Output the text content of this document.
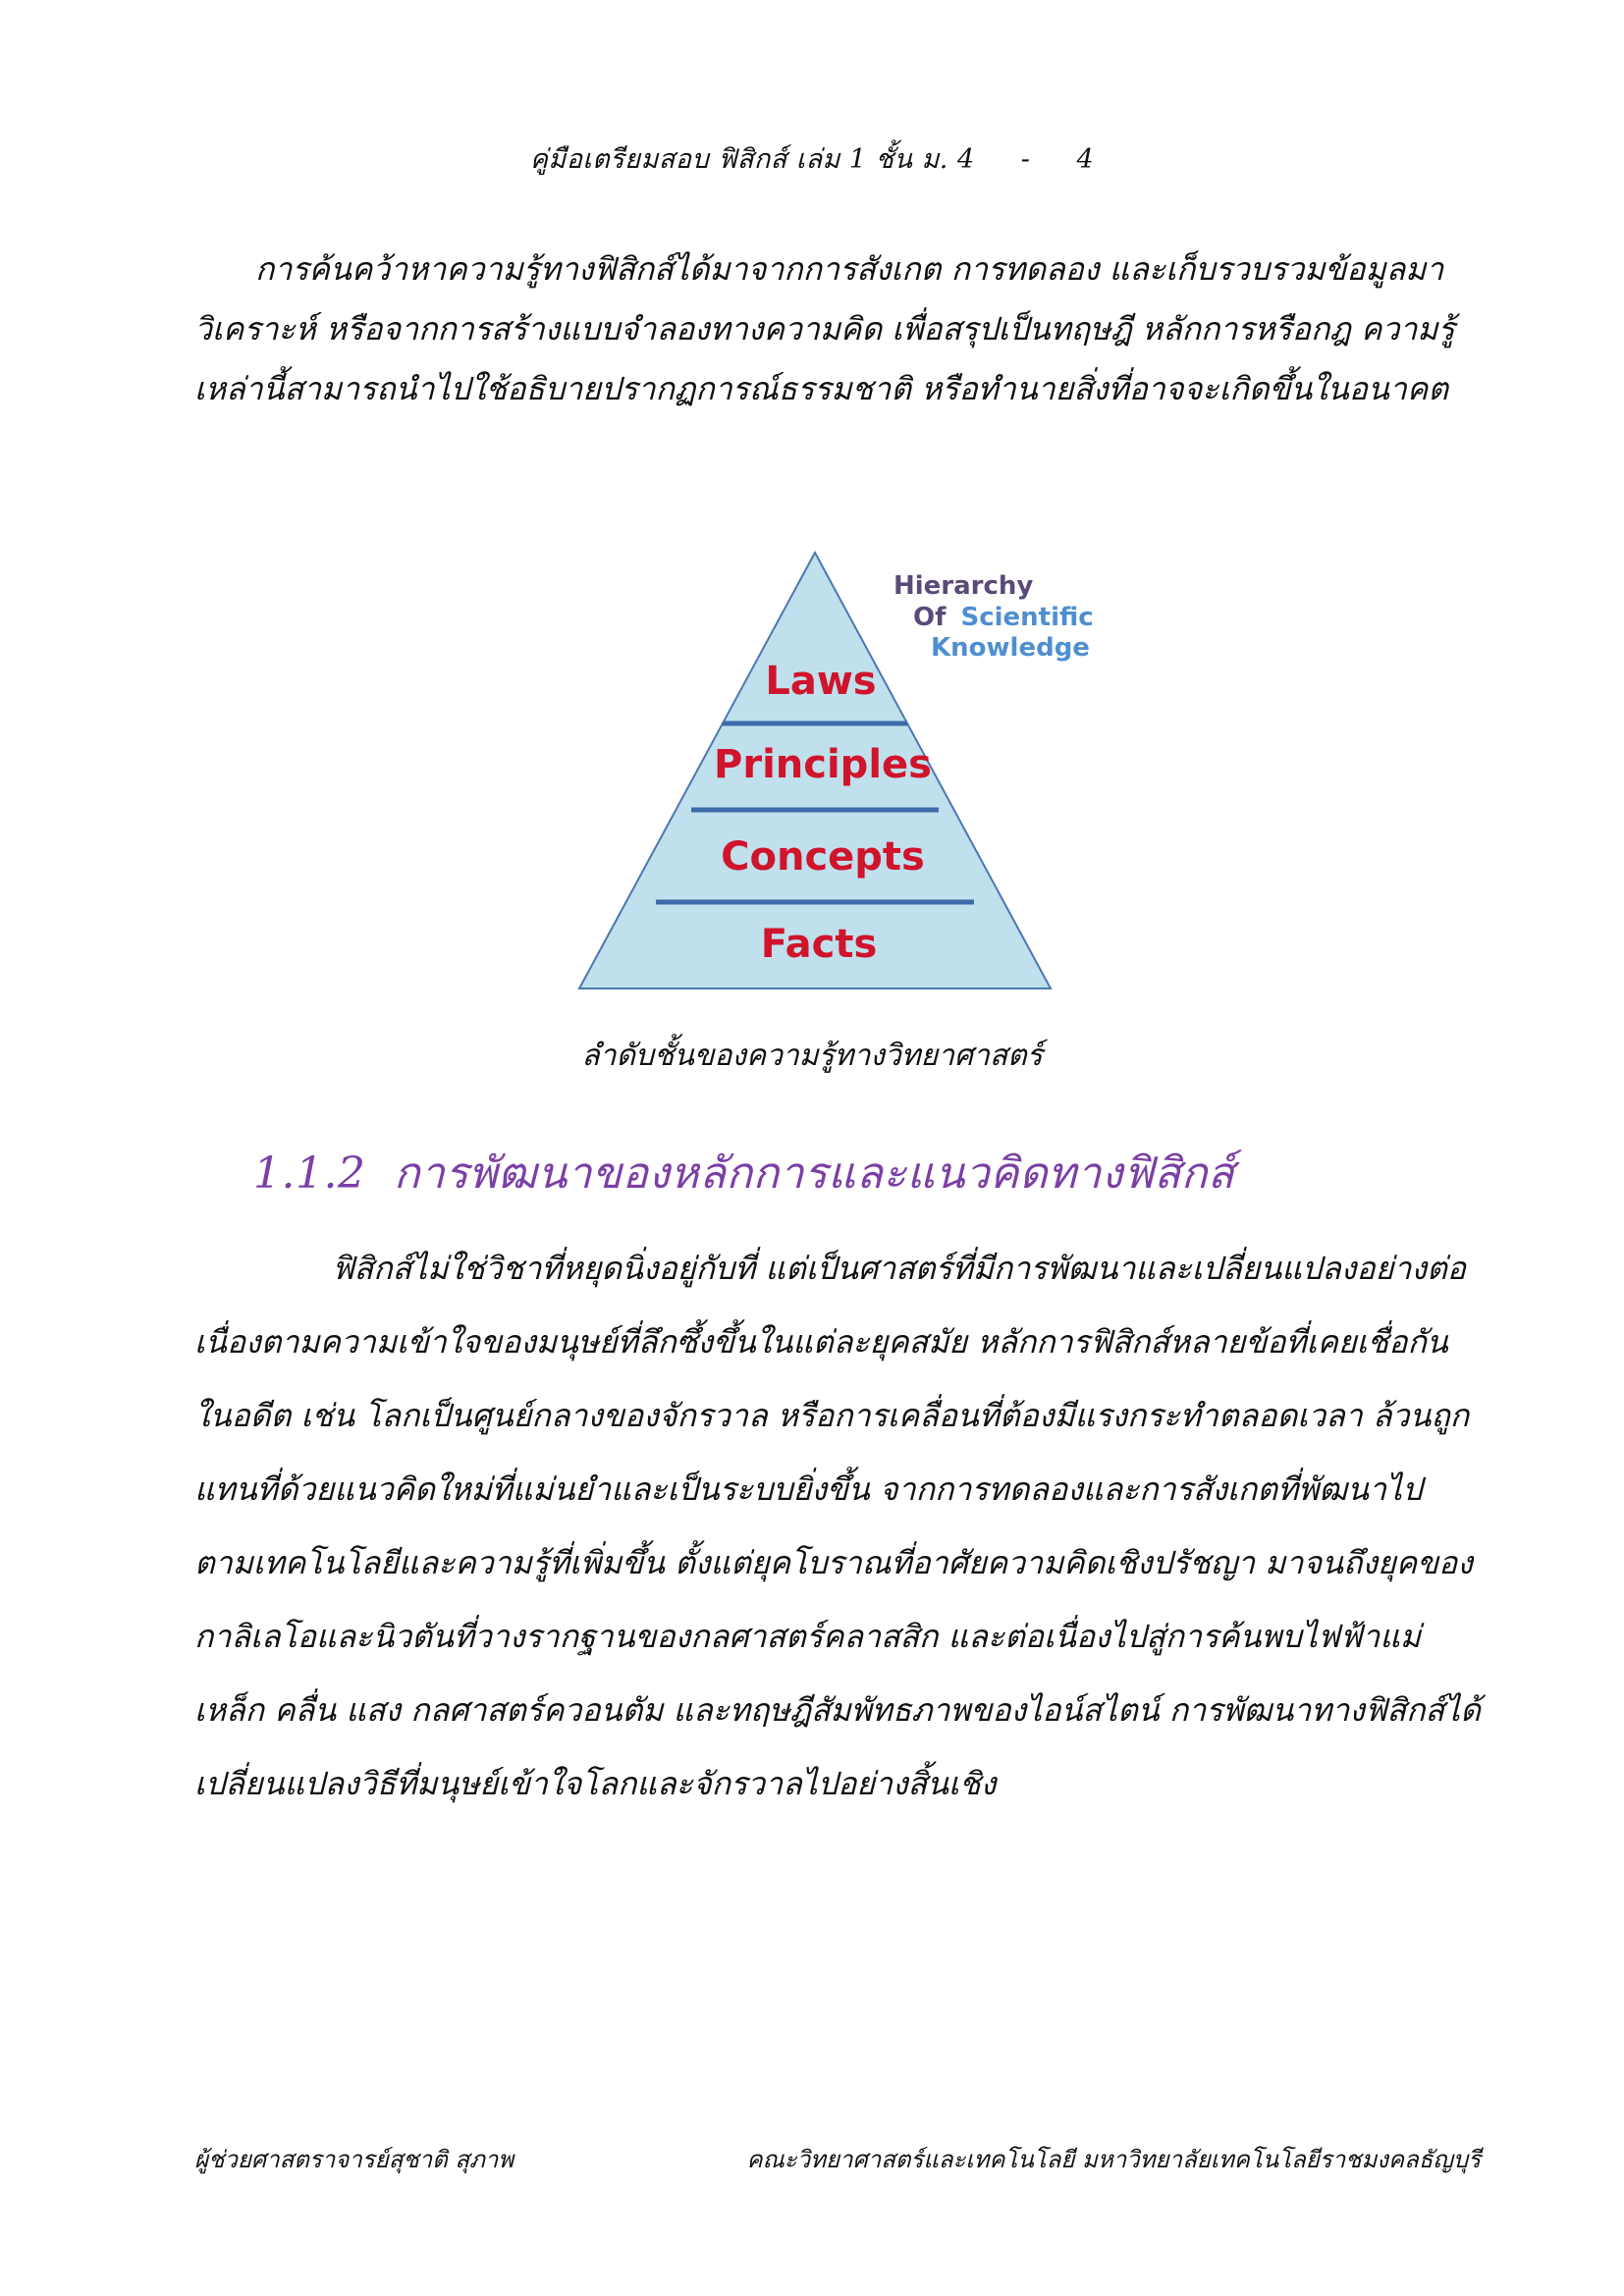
คู่มือเตรียมสอบ ฟิสิกส์ เล่ม 1 ชั้น ม. 4 - 4

การค้นคว้าหาความรู้ทางฟิสิกส์ได้มาจากการสังเกต การทดลอง และเก็บรวบรวมข้อมูลมาวิเคราะห์ หรือจากการสร้างแบบจำลองทางความคิด เพื่อสรุปเป็นทฤษฎี หลักการหรือกฎ ความรู้เหล่านี้สามารถนำไปใช้อธิบายปรากฏการณ์ธรรมชาติ หรือทำนายสิ่งที่อาจจะเกิดขึ้นในอนาคต

Laws
Principles
Concepts
Facts
Hierarchy
Of Scientific
Knowledge
ลำดับชั้นของความรู้ทางวิทยาศาสตร์
1.1.2 การพัฒนาของหลักการและแนวคิดทางฟิสิกส์

ฟิสิกส์ไม่ใช่วิชาที่หยุดนิ่งอยู่กับที่ แต่เป็นศาสตร์ที่มีการพัฒนาและเปลี่ยนแปลงอย่างต่อเนื่องตามความเข้าใจของมนุษย์ที่ลึกซึ้งขึ้นในแต่ละยุคสมัย หลักการฟิสิกส์หลายข้อที่เคยเชื่อกันในอดีต เช่น โลกเป็นศูนย์กลางของจักรวาล หรือการเคลื่อนที่ต้องมีแรงกระทำตลอดเวลา ล้วนถูกแทนที่ด้วยแนวคิดใหม่ที่แม่นยำและเป็นระบบยิ่งขึ้น จากการทดลองและการสังเกตที่พัฒนาไปตามเทคโนโลยีและความรู้ที่เพิ่มขึ้น ตั้งแต่ยุคโบราณที่อาศัยความคิดเชิงปรัชญา มาจนถึงยุคของกาลิเลโอและนิวตันที่วางรากฐานของกลศาสตร์คลาสสิก และต่อเนื่องไปสู่การค้นพบไฟฟ้าแม่เหล็ก คลื่น แสง กลศาสตร์ควอนตัม และทฤษฎีสัมพัทธภาพของไอน์สไตน์ การพัฒนาทางฟิสิกส์ได้เปลี่ยนแปลงวิธีที่มนุษย์เข้าใจโลกและจักรวาลไปอย่างสิ้นเชิง

ผู้ช่วยศาสตราจารย์สุชาติ สุภาพ	คณะวิทยาศาสตร์และเทคโนโลยี มหาวิทยาลัยเทคโนโลยีราชมงคลธัญบุรี
